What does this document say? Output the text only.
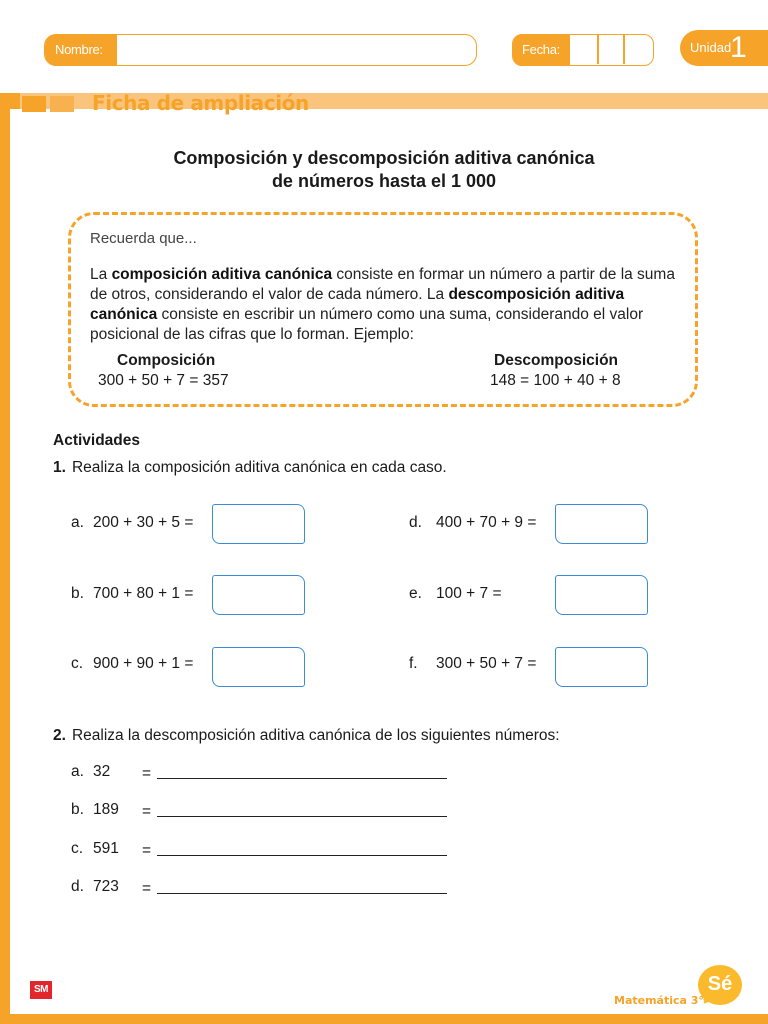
Nombre:	Fecha:	Unidad
1
Ficha de ampliación
Composición y descomposición aditiva canónica
de números hasta el 1 000
Recuerda que...
La composición aditiva canónica consiste en formar un número a partir de la suma de otros, considerando el valor de cada número. La descomposición aditiva canónica consiste en escribir un número como una suma, considerando el valor posicional de las cifras que lo forman. Ejemplo:
Composición
300 + 50 + 7 = 357
Descomposición
148 = 100 + 40 + 8
Actividades
1. Realiza la composición aditiva canónica en cada caso.
a. 200 + 30 + 5 =
b. 700 + 80 + 1 =
c. 900 + 90 + 1 =
d. 400 + 70 + 9 =
e. 100 + 7 =
f. 300 + 50 + 7 =
2. Realiza la descomposición aditiva canónica de los siguientes números:
a. 32 =
b. 189 =
c. 591 =
d. 723 =
SM
Matemática 3°
Sé
